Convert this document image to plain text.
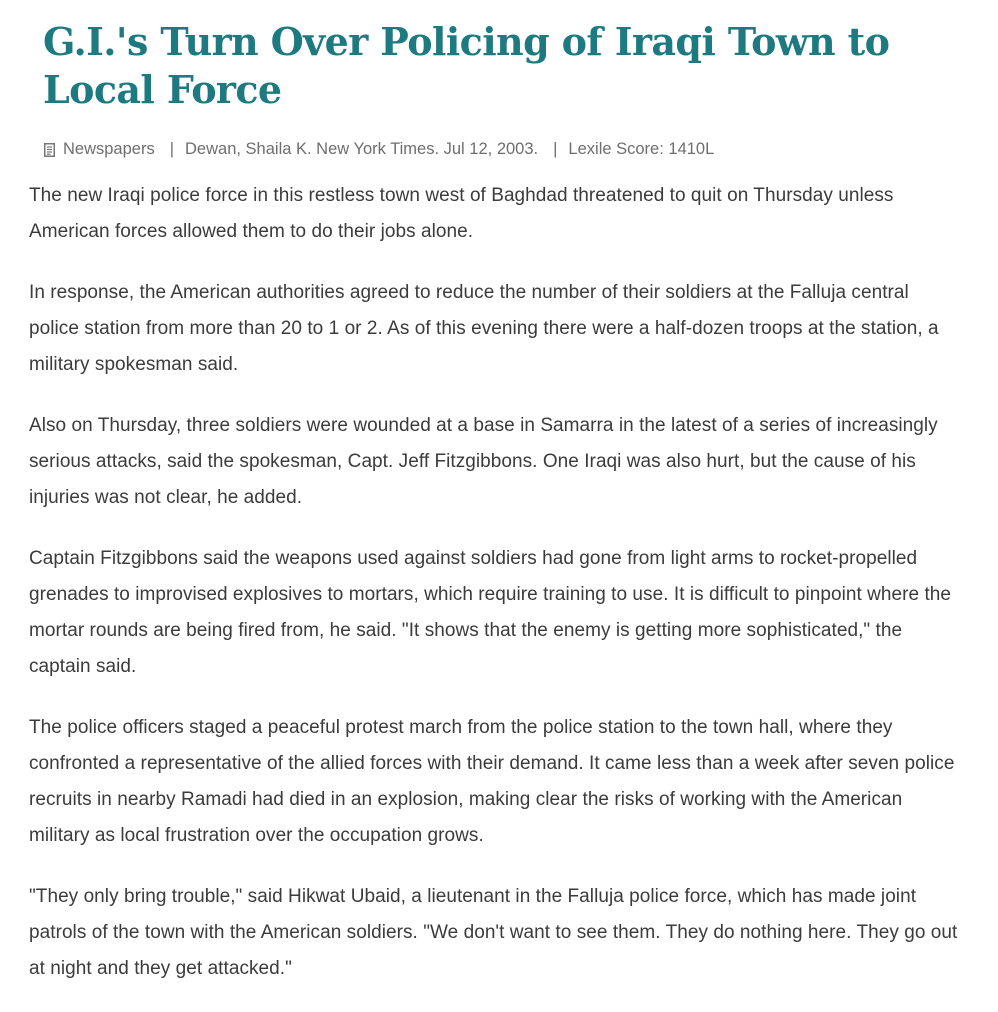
G.I.'s Turn Over Policing of Iraqi Town to Local Force
Newspapers | Dewan, Shaila K. New York Times. Jul 12, 2003. | Lexile Score: 1410L

The new Iraqi police force in this restless town west of Baghdad threatened to quit on Thursday unless American forces allowed them to do their jobs alone.

In response, the American authorities agreed to reduce the number of their soldiers at the Falluja central police station from more than 20 to 1 or 2. As of this evening there were a half-dozen troops at the station, a military spokesman said.

Also on Thursday, three soldiers were wounded at a base in Samarra in the latest of a series of increasingly serious attacks, said the spokesman, Capt. Jeff Fitzgibbons. One Iraqi was also hurt, but the cause of his injuries was not clear, he added.

Captain Fitzgibbons said the weapons used against soldiers had gone from light arms to rocket-propelled grenades to improvised explosives to mortars, which require training to use. It is difficult to pinpoint where the mortar rounds are being fired from, he said. "It shows that the enemy is getting more sophisticated," the captain said.

The police officers staged a peaceful protest march from the police station to the town hall, where they confronted a representative of the allied forces with their demand. It came less than a week after seven police recruits in nearby Ramadi had died in an explosion, making clear the risks of working with the American military as local frustration over the occupation grows.

"They only bring trouble," said Hikwat Ubaid, a lieutenant in the Falluja police force, which has made joint patrols of the town with the American soldiers. "We don't want to see them. They do nothing here. They go out at night and they get attacked."
